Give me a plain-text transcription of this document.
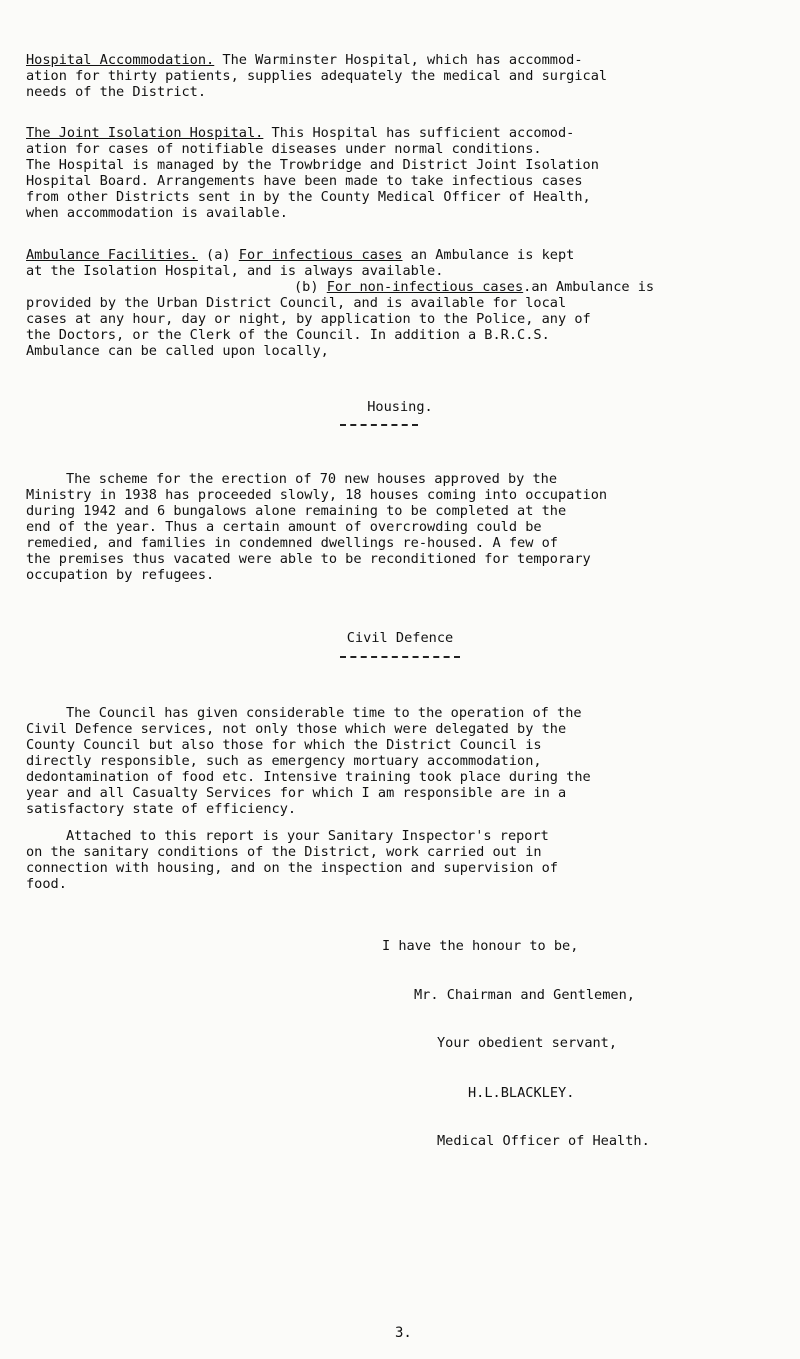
Hospital Accommodation. The Warminster Hospital, which has accommod-

ation for thirty patients, supplies adequately the medical and surgical

needs of the District.

The Joint Isolation Hospital. This Hospital has sufficient accomod-

ation for cases of notifiable diseases under normal conditions.

The Hospital is managed by the Trowbridge and District Joint Isolation

Hospital Board. Arrangements have been made to take infectious cases

from other Districts sent in by the County Medical Officer of Health,

when accommodation is available.

Ambulance Facilities. (a) For infectious cases an Ambulance is kept

at the Isolation Hospital, and is always available.

(b) For non-infectious cases.an Ambulance is

provided by the Urban District Council, and is available for local

cases at any hour, day or night, by application to the Police, any of

the Doctors, or the Clerk of the Council. In addition a B.R.C.S.

Ambulance can be called upon locally,

Housing.

The scheme for the erection of 70 new houses approved by the

Ministry in 1938 has proceeded slowly, 18 houses coming into occupation

during 1942 and 6 bungalows alone remaining to be completed at the

end of the year. Thus a certain amount of overcrowding could be

remedied, and families in condemned dwellings re-housed. A few of

the premises thus vacated were able to be reconditioned for temporary

occupation by refugees.

Civil Defence

The Council has given considerable time to the operation of the

Civil Defence services, not only those which were delegated by the

County Council but also those for which the District Council is

directly responsible, such as emergency mortuary accommodation,

dedontamination of food etc. Intensive training took place during the

year and all Casualty Services for which I am responsible are in a

satisfactory state of efficiency.

Attached to this report is your Sanitary Inspector's report

on the sanitary conditions of the District, work carried out in

connection with housing, and on the inspection and supervision of

food.

I have the honour to be,
Mr. Chairman and Gentlemen,
Your obedient servant,
H.L.BLACKLEY.
Medical Officer of Health.
3.
